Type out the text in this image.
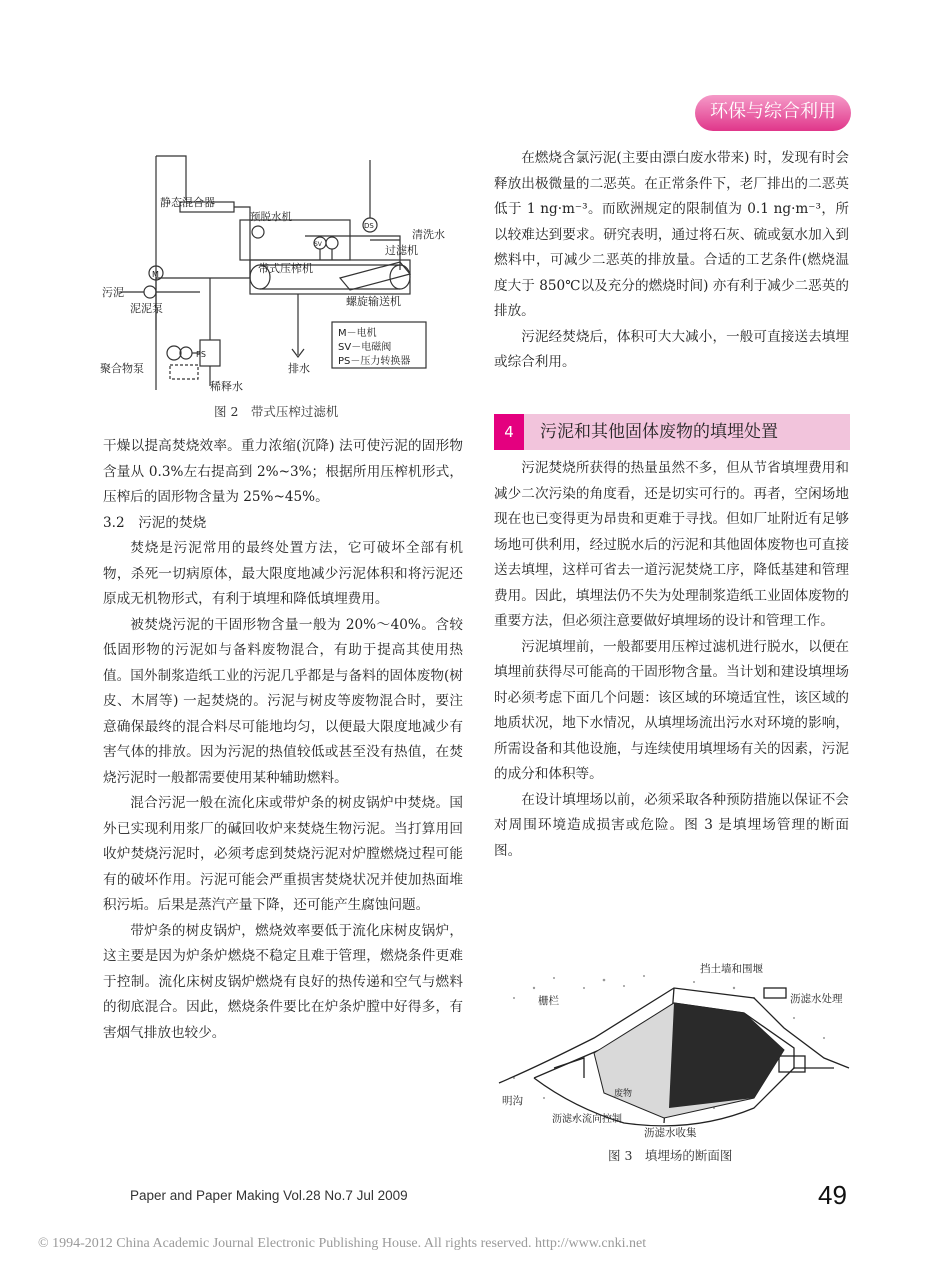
环保与综合利用
静态混合器
预脱水机
带式压榨机
过滤机
清洗水
螺旋输送机
污泥
泥泥泵
聚合物泵
稀释水
排水
M
PS
SV
DS
M－电机
SV－电磁阀
PS－压力转换器
图 2　带式压榨过滤机

干燥以提高焚烧效率。重力浓缩(沉降) 法可使污泥的固形物含量从 0.3%左右提高到 2%~3%；根据所用压榨机形式，压榨后的固形物含量为 25%~45%。

3.2　污泥的焚烧

焚烧是污泥常用的最终处置方法，它可破坏全部有机物，杀死一切病原体，最大限度地减少污泥体积和将污泥还原成无机物形式，有利于填埋和降低填埋费用。

被焚烧污泥的干固形物含量一般为 20%～40%。含较低固形物的污泥如与备料废物混合，有助于提高其使用热值。国外制浆造纸工业的污泥几乎都是与备料的固体废物(树皮、木屑等) 一起焚烧的。污泥与树皮等废物混合时，要注意确保最终的混合料尽可能地均匀，以便最大限度地减少有害气体的排放。因为污泥的热值较低或甚至没有热值，在焚烧污泥时一般都需要使用某种辅助燃料。

混合污泥一般在流化床或带炉条的树皮锅炉中焚烧。国外已实现利用浆厂的碱回收炉来焚烧生物污泥。当打算用回收炉焚烧污泥时，必须考虑到焚烧污泥对炉膛燃烧过程可能有的破坏作用。污泥可能会严重损害焚烧状况并使加热面堆积污垢。后果是蒸汽产量下降，还可能产生腐蚀问题。

带炉条的树皮锅炉，燃烧效率要低于流化床树皮锅炉，这主要是因为炉条炉燃烧不稳定且难于管理，燃烧条件更难于控制。流化床树皮锅炉燃烧有良好的热传递和空气与燃料的彻底混合。因此，燃烧条件要比在炉条炉膛中好得多，有害烟气排放也较少。

在燃烧含氯污泥(主要由漂白废水带来) 时，发现有时会释放出极微量的二恶英。在正常条件下，老厂排出的二恶英低于 1 ng·m⁻³。而欧洲规定的限制值为 0.1 ng·m⁻³，所以较难达到要求。研究表明，通过将石灰、硫或氨水加入到燃料中，可减少二恶英的排放量。合适的工艺条件(燃烧温度大于 850℃以及充分的燃烧时间) 亦有利于减少二恶英的排放。

污泥经焚烧后，体积可大大减小，一般可直接送去填埋或综合利用。

4	污泥和其他固体废物的填埋处置

污泥焚烧所获得的热量虽然不多，但从节省填埋费用和减少二次污染的角度看，还是切实可行的。再者，空闲场地现在也已变得更为昂贵和更难于寻找。但如厂址附近有足够场地可供利用，经过脱水后的污泥和其他固体废物也可直接送去填埋，这样可省去一道污泥焚烧工序，降低基建和管理费用。因此，填埋法仍不失为处理制浆造纸工业固体废物的重要方法，但必须注意要做好填埋场的设计和管理工作。

污泥填埋前，一般都要用压榨过滤机进行脱水，以便在填埋前获得尽可能高的干固形物含量。当计划和建设填埋场时必须考虑下面几个问题：该区域的环境适宜性，该区域的地质状况，地下水情况，从填埋场流出污水对环境的影响，所需设备和其他设施，与连续使用填埋场有关的因素，污泥的成分和体积等。

在设计填埋场以前，必须采取各种预防措施以保证不会对周围环境造成损害或危险。图 3 是填埋场管理的断面图。

挡土墙和围堰
栅栏	沥滤水处理
明沟
废物
沥滤水流向控制
沥滤水收集
图 3　填埋场的断面图
Paper and Paper Making Vol.28 No.7 Jul 2009	49
© 1994-2012 China Academic Journal Electronic Publishing House. All rights reserved. http://www.cnki.net
